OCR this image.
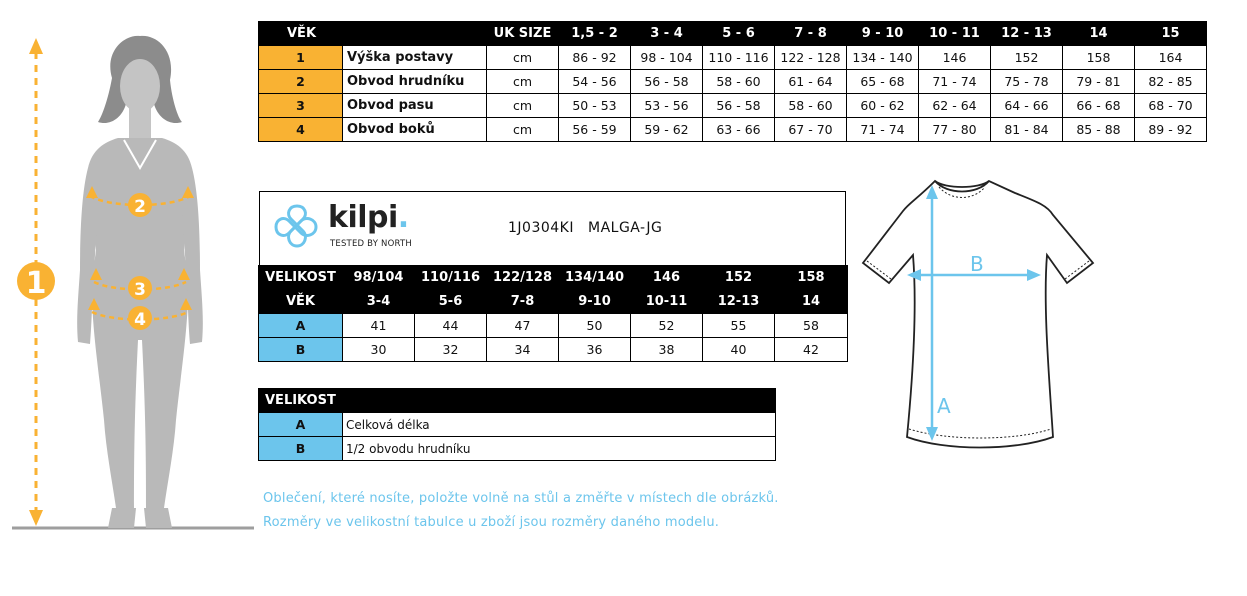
1
2
3
4
VĚK		UK SIZE	1,5 - 2	3 - 4	5 - 6	7 - 8	9 - 10	10 - 11	12 - 13	14	15
1	Výška postavy	cm	86 - 92	98 - 104	110 - 116	122 - 128	134 - 140	146	152	158	164
2	Obvod hrudníku	cm	54 - 56	56 - 58	58 - 60	61 - 64	65 - 68	71 - 74	75 - 78	79 - 81	82 - 85
3	Obvod pasu	cm	50 - 53	53 - 56	56 - 58	58 - 60	60 - 62	62 - 64	64 - 66	66 - 68	68 - 70
4	Obvod boků	cm	56 - 59	59 - 62	63 - 66	67 - 70	71 - 74	77 - 80	81 - 84	85 - 88	89 - 92
kilpi.
TESTED BY NORTH
1J0304KI MALGA-JG
VELIKOST	98/104	110/116	122/128	134/140	146	152	158
VĚK	3-4	5-6	7-8	9-10	10-11	12-13	14
A	41	44	47	50	52	55	58
B	30	32	34	36	38	40	42
VELIKOST	
A	Celková délka
B	1/2 obvodu hrudníku
Oblečení, které nosíte, položte volně na stůl a změřte v místech dle obrázků.
Rozměry ve velikostní tabulce u zboží jsou rozměry daného modelu.
B
A
